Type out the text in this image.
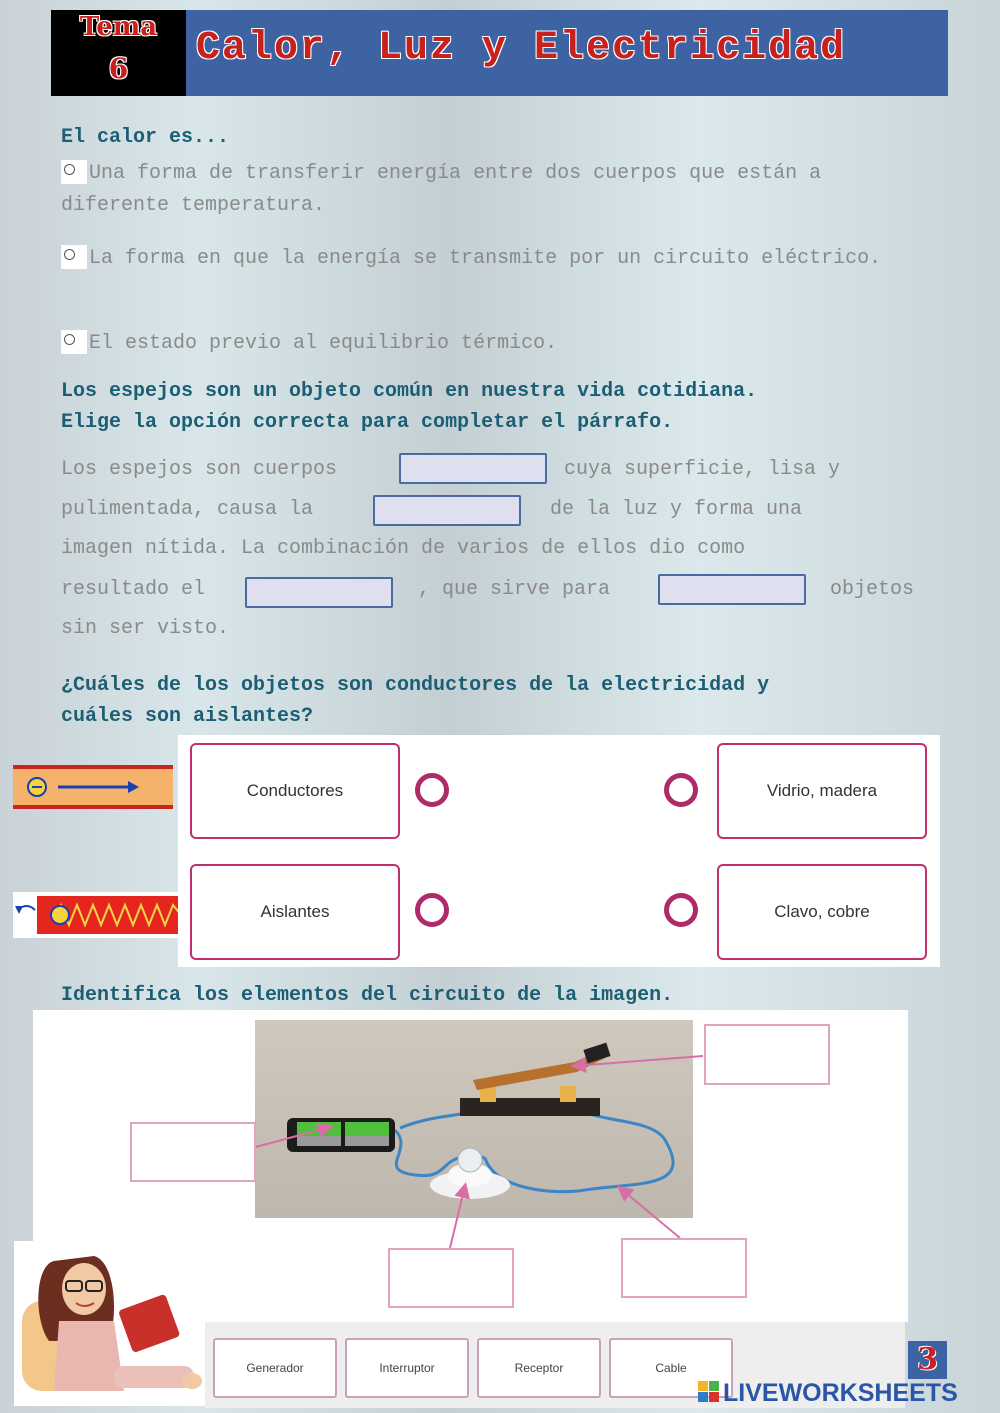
Tema
6	Calor, Luz y Electricidad
El calor es...
Una forma de transferir energía entre dos cuerpos que están a diferente temperatura.
La forma en que la energía se transmite por un circuito eléctrico.
El estado previo al equilibrio térmico.
Los espejos son un objeto común en nuestra vida cotidiana.
Elige la opción correcta para completar el párrafo.
Los espejos son cuerpos	cuya superficie, lisa y
pulimentada, causa la	de la luz y forma una
imagen nítida. La combinación de varios de ellos dio como
resultado el	, que sirve para	objetos
sin ser visto.
¿Cuáles de los objetos son conductores de la electricidad y
cuáles son aislantes?
Conductores
Aislantes
Vidrio, madera
Clavo, cobre
Identifica los elementos del circuito de la imagen.
Generador	Interruptor	Receptor	Cable	3
LIVEWORKSHEETS
